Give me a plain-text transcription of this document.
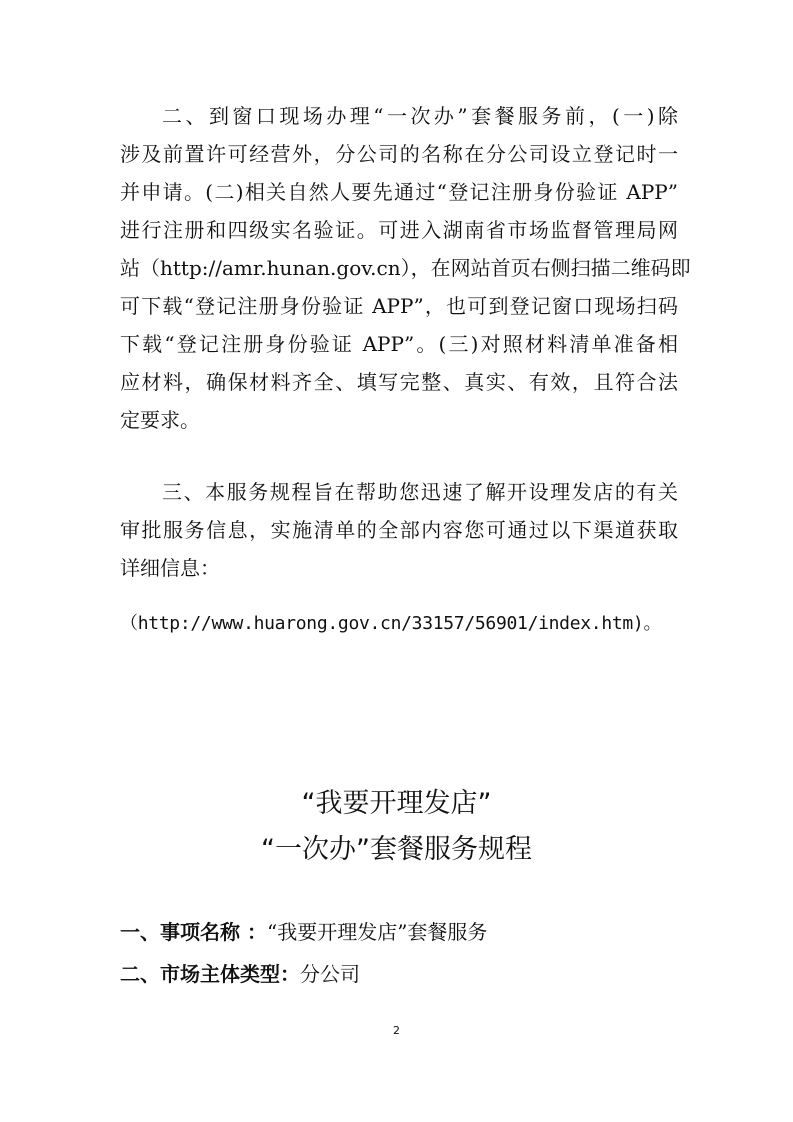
二、到窗口现场办理“一次办”套餐服务前，(一)除

涉及前置许可经营外，分公司的名称在分公司设立登记时一

并申请。(二)相关自然人要先通过“登记注册身份验证 APP”

进行注册和四级实名验证。可进入湖南省市场监督管理局网

站（http://amr.hunan.gov.cn），在网站首页右侧扫描二维码即

可下载“登记注册身份验证 APP”，也可到登记窗口现场扫码

下载“登记注册身份验证 APP”。(三)对照材料清单准备相

应材料，确保材料齐全、填写完整、真实、有效，且符合法

定要求。

三、本服务规程旨在帮助您迅速了解开设理发店的有关

审批服务信息，实施清单的全部内容您可通过以下渠道获取

详细信息：

（http://www.huarong.gov.cn/33157/56901/index.htm)。

“我要开理发店”
“一次办”套餐服务规程
一、事项名称 ：“我要开理发店”套餐服务
二、市场主体类型：分公司
2
